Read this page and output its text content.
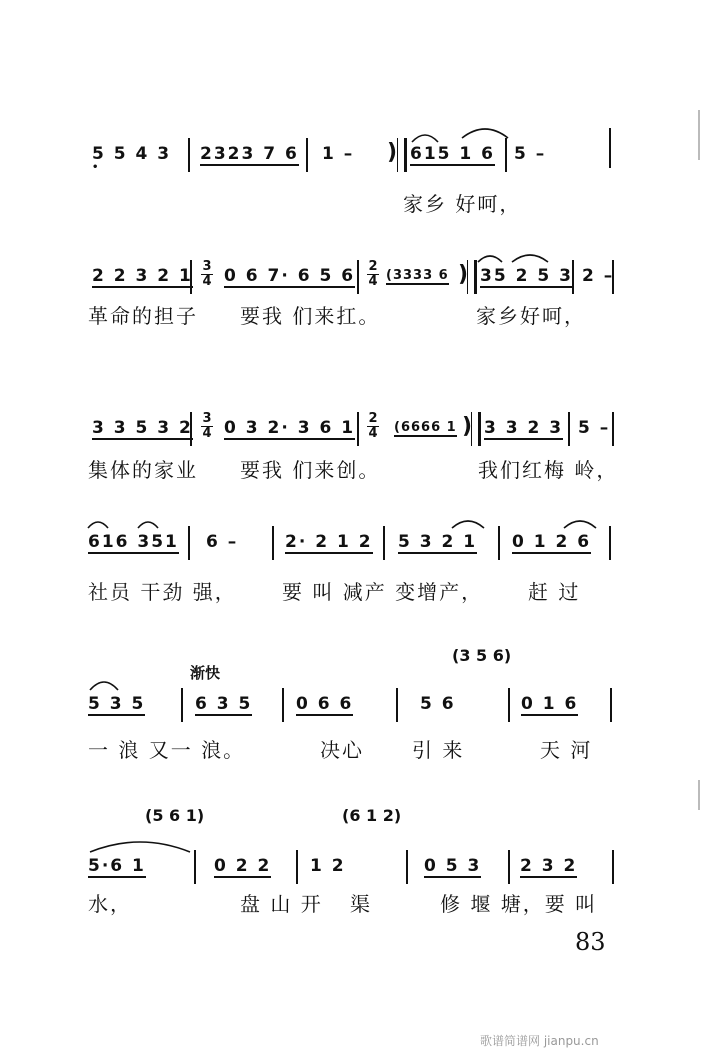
5 5 4 3
•
2323 7 6 1 – ) 615 1 6 5 –
家乡 好呵，
2 2 3 2 1 3
4 0 6 7· 6 5 6 2
4 (3333 6 ) 35 2 5 3 2 –
革命的担子 要我 们来扛。	家乡好呵，
3 3 5 3 2 3
4 0 3 2· 3 6 1 2
4 (6666 1 ) 3 3 2 3 5 –
集体的家业 要我 们来创。	我们红梅 岭，
616 351 6 –	2· 2 1 2 5 3 2 1 0 1 2 6
社员 干劲 强， 要 叫 减产 变增产， 赶 过
渐快
(3 5 6)
5 3 5	6 3 5	0 6 6	5 6	0 1 6
一 浪 又一 浪。	决心 引 来	天 河
(5 6 1)	(6 1 2)
5·6 1	0 2 2 1 2	0 5 3 2 3 2
水，	盘 山 开 渠	修 堰 塘，要 叫
83
歌谱简谱网 jianpu.cn
